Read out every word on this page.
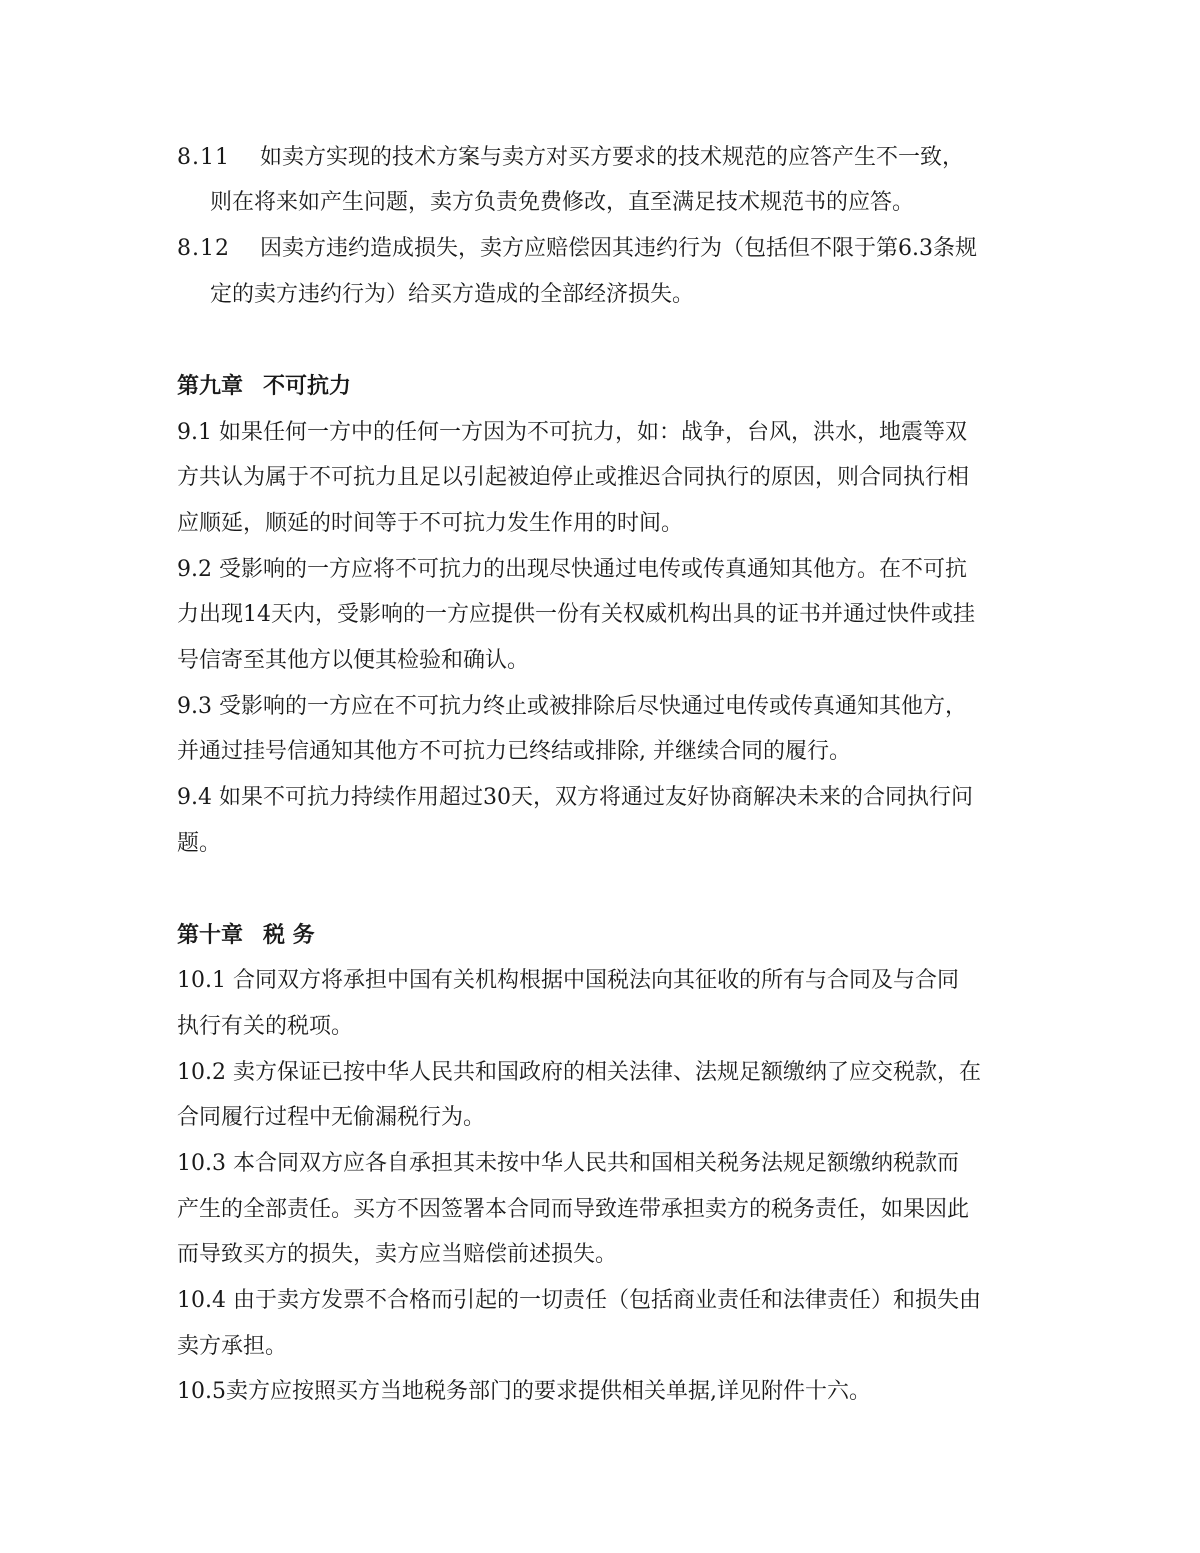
8.11 如卖方实现的技术方案与卖方对买方要求的技术规范的应答产生不一致，
则在将来如产生问题，卖方负责免费修改，直至满足技术规范书的应答。
8.12 因卖方违约造成损失，卖方应赔偿因其违约行为（包括但不限于第6.3条规
定的卖方违约行为）给买方造成的全部经济损失。
第九章 不可抗力
9.1 如果任何一方中的任何一方因为不可抗力，如：战争，台风，洪水，地震等双
方共认为属于不可抗力且足以引起被迫停止或推迟合同执行的原因，则合同执行相
应顺延，顺延的时间等于不可抗力发生作用的时间。
9.2 受影响的一方应将不可抗力的出现尽快通过电传或传真通知其他方。在不可抗
力出现14天内，受影响的一方应提供一份有关权威机构出具的证书并通过快件或挂
号信寄至其他方以便其检验和确认。
9.3 受影响的一方应在不可抗力终止或被排除后尽快通过电传或传真通知其他方，
并通过挂号信通知其他方不可抗力已终结或排除, 并继续合同的履行。
9.4 如果不可抗力持续作用超过30天，双方将通过友好协商解决未来的合同执行问
题。
第十章 税 务
10.1 合同双方将承担中国有关机构根据中国税法向其征收的所有与合同及与合同
执行有关的税项。
10.2 卖方保证已按中华人民共和国政府的相关法律、法规足额缴纳了应交税款，在
合同履行过程中无偷漏税行为。
10.3 本合同双方应各自承担其未按中华人民共和国相关税务法规足额缴纳税款而
产生的全部责任。买方不因签署本合同而导致连带承担卖方的税务责任，如果因此
而导致买方的损失，卖方应当赔偿前述损失。
10.4 由于卖方发票不合格而引起的一切责任（包括商业责任和法律责任）和损失由
卖方承担。
10.5卖方应按照买方当地税务部门的要求提供相关单据,详见附件十六。
